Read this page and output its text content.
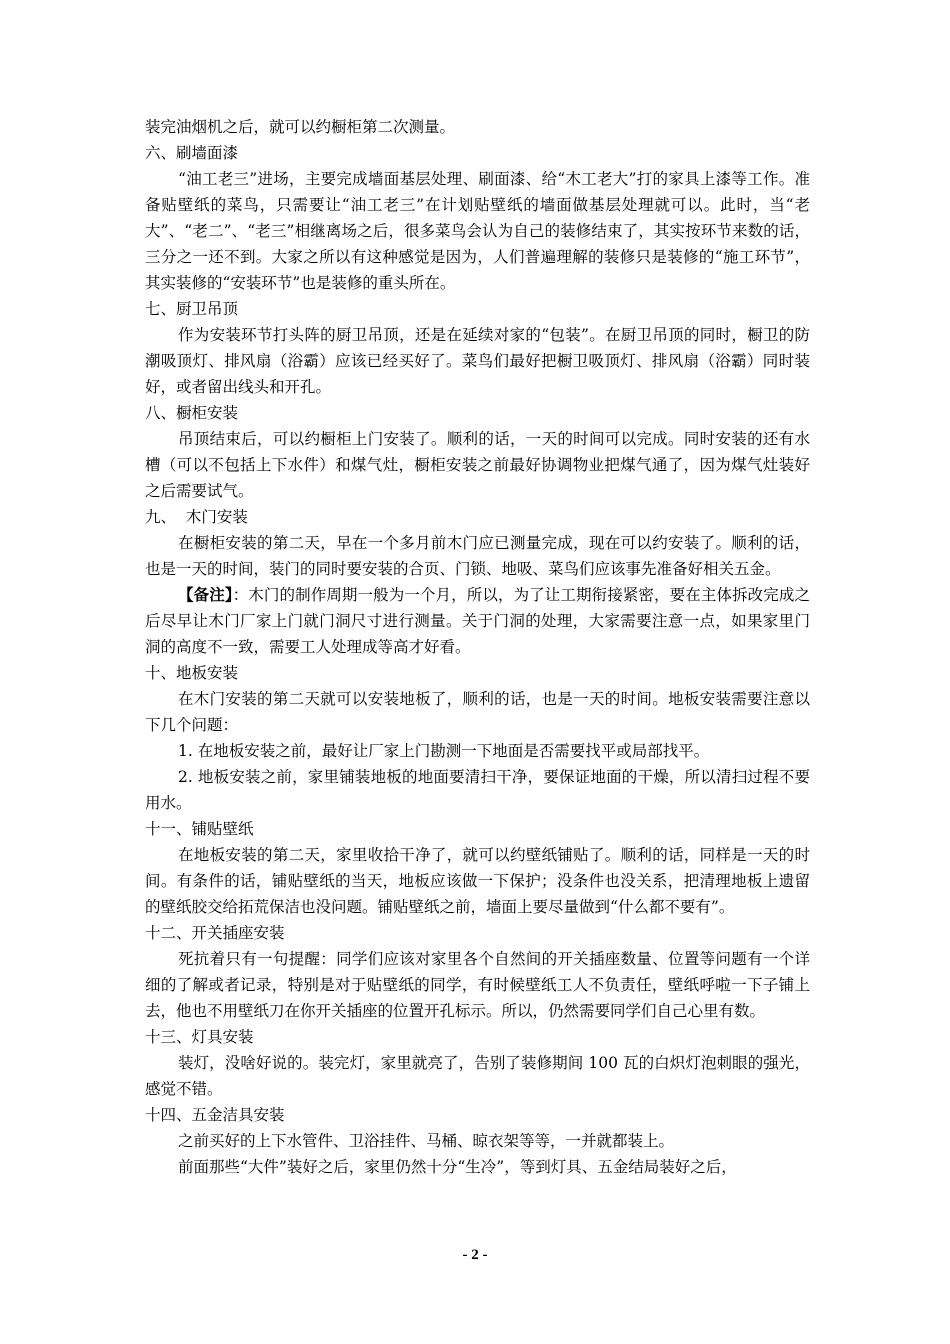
装完油烟机之后，就可以约橱柜第二次测量。

六、刷墙面漆

“油工老三”进场，主要完成墙面基层处理、刷面漆、给“木工老大”打的家具上漆等工作。准备贴壁纸的菜鸟，只需要让“油工老三”在计划贴壁纸的墙面做基层处理就可以。此时，当“老大”、“老二”、“老三”相继离场之后，很多菜鸟会认为自己的装修结束了，其实按环节来数的话，三分之一还不到。大家之所以有这种感觉是因为，人们普遍理解的装修只是装修的“施工环节”，其实装修的“安装环节”也是装修的重头所在。

七、厨卫吊顶

作为安装环节打头阵的厨卫吊顶，还是在延续对家的“包装”。在厨卫吊顶的同时，橱卫的防潮吸顶灯、排风扇（浴霸）应该已经买好了。菜鸟们最好把橱卫吸顶灯、排风扇（浴霸）同时装好，或者留出线头和开孔。

八、橱柜安装

吊顶结束后，可以约橱柜上门安装了。顺利的话，一天的时间可以完成。同时安装的还有水槽（可以不包括上下水件）和煤气灶，橱柜安装之前最好协调物业把煤气通了，因为煤气灶装好之后需要试气。

九、  木门安装

在橱柜安装的第二天，早在一个多月前木门应已测量完成，现在可以约安装了。顺利的话，也是一天的时间，装门的同时要安装的合页、门锁、地吸、菜鸟们应该事先准备好相关五金。

【备注】：木门的制作周期一般为一个月，所以，为了让工期衔接紧密，要在主体拆改完成之后尽早让木门厂家上门就门洞尺寸进行测量。关于门洞的处理，大家需要注意一点，如果家里门洞的高度不一致，需要工人处理成等高才好看。

十、地板安装

在木门安装的第二天就可以安装地板了，顺利的话，也是一天的时间。地板安装需要注意以下几个问题：

1. 在地板安装之前，最好让厂家上门勘测一下地面是否需要找平或局部找平。

2. 地板安装之前，家里铺装地板的地面要清扫干净，要保证地面的干燥，所以清扫过程不要用水。

十一、铺贴壁纸

在地板安装的第二天，家里收拾干净了，就可以约壁纸铺贴了。顺利的话，同样是一天的时间。有条件的话，铺贴壁纸的当天，地板应该做一下保护；没条件也没关系，把清理地板上遗留的壁纸胶交给拓荒保洁也没问题。铺贴壁纸之前，墙面上要尽量做到“什么都不要有”。

十二、开关插座安装

死抗着只有一句提醒：同学们应该对家里各个自然间的开关插座数量、位置等问题有一个详细的了解或者记录，特别是对于贴壁纸的同学，有时候壁纸工人不负责任，壁纸呼啦一下子铺上去，他也不用壁纸刀在你开关插座的位置开孔标示。所以，仍然需要同学们自己心里有数。

十三、灯具安装

装灯，没啥好说的。装完灯，家里就亮了，告别了装修期间 100 瓦的白炽灯泡刺眼的强光，感觉不错。

十四、五金洁具安装

之前买好的上下水管件、卫浴挂件、马桶、晾衣架等等，一并就都装上。

前面那些“大件”装好之后，家里仍然十分“生冷”，等到灯具、五金结局装好之后，

- 2 -
